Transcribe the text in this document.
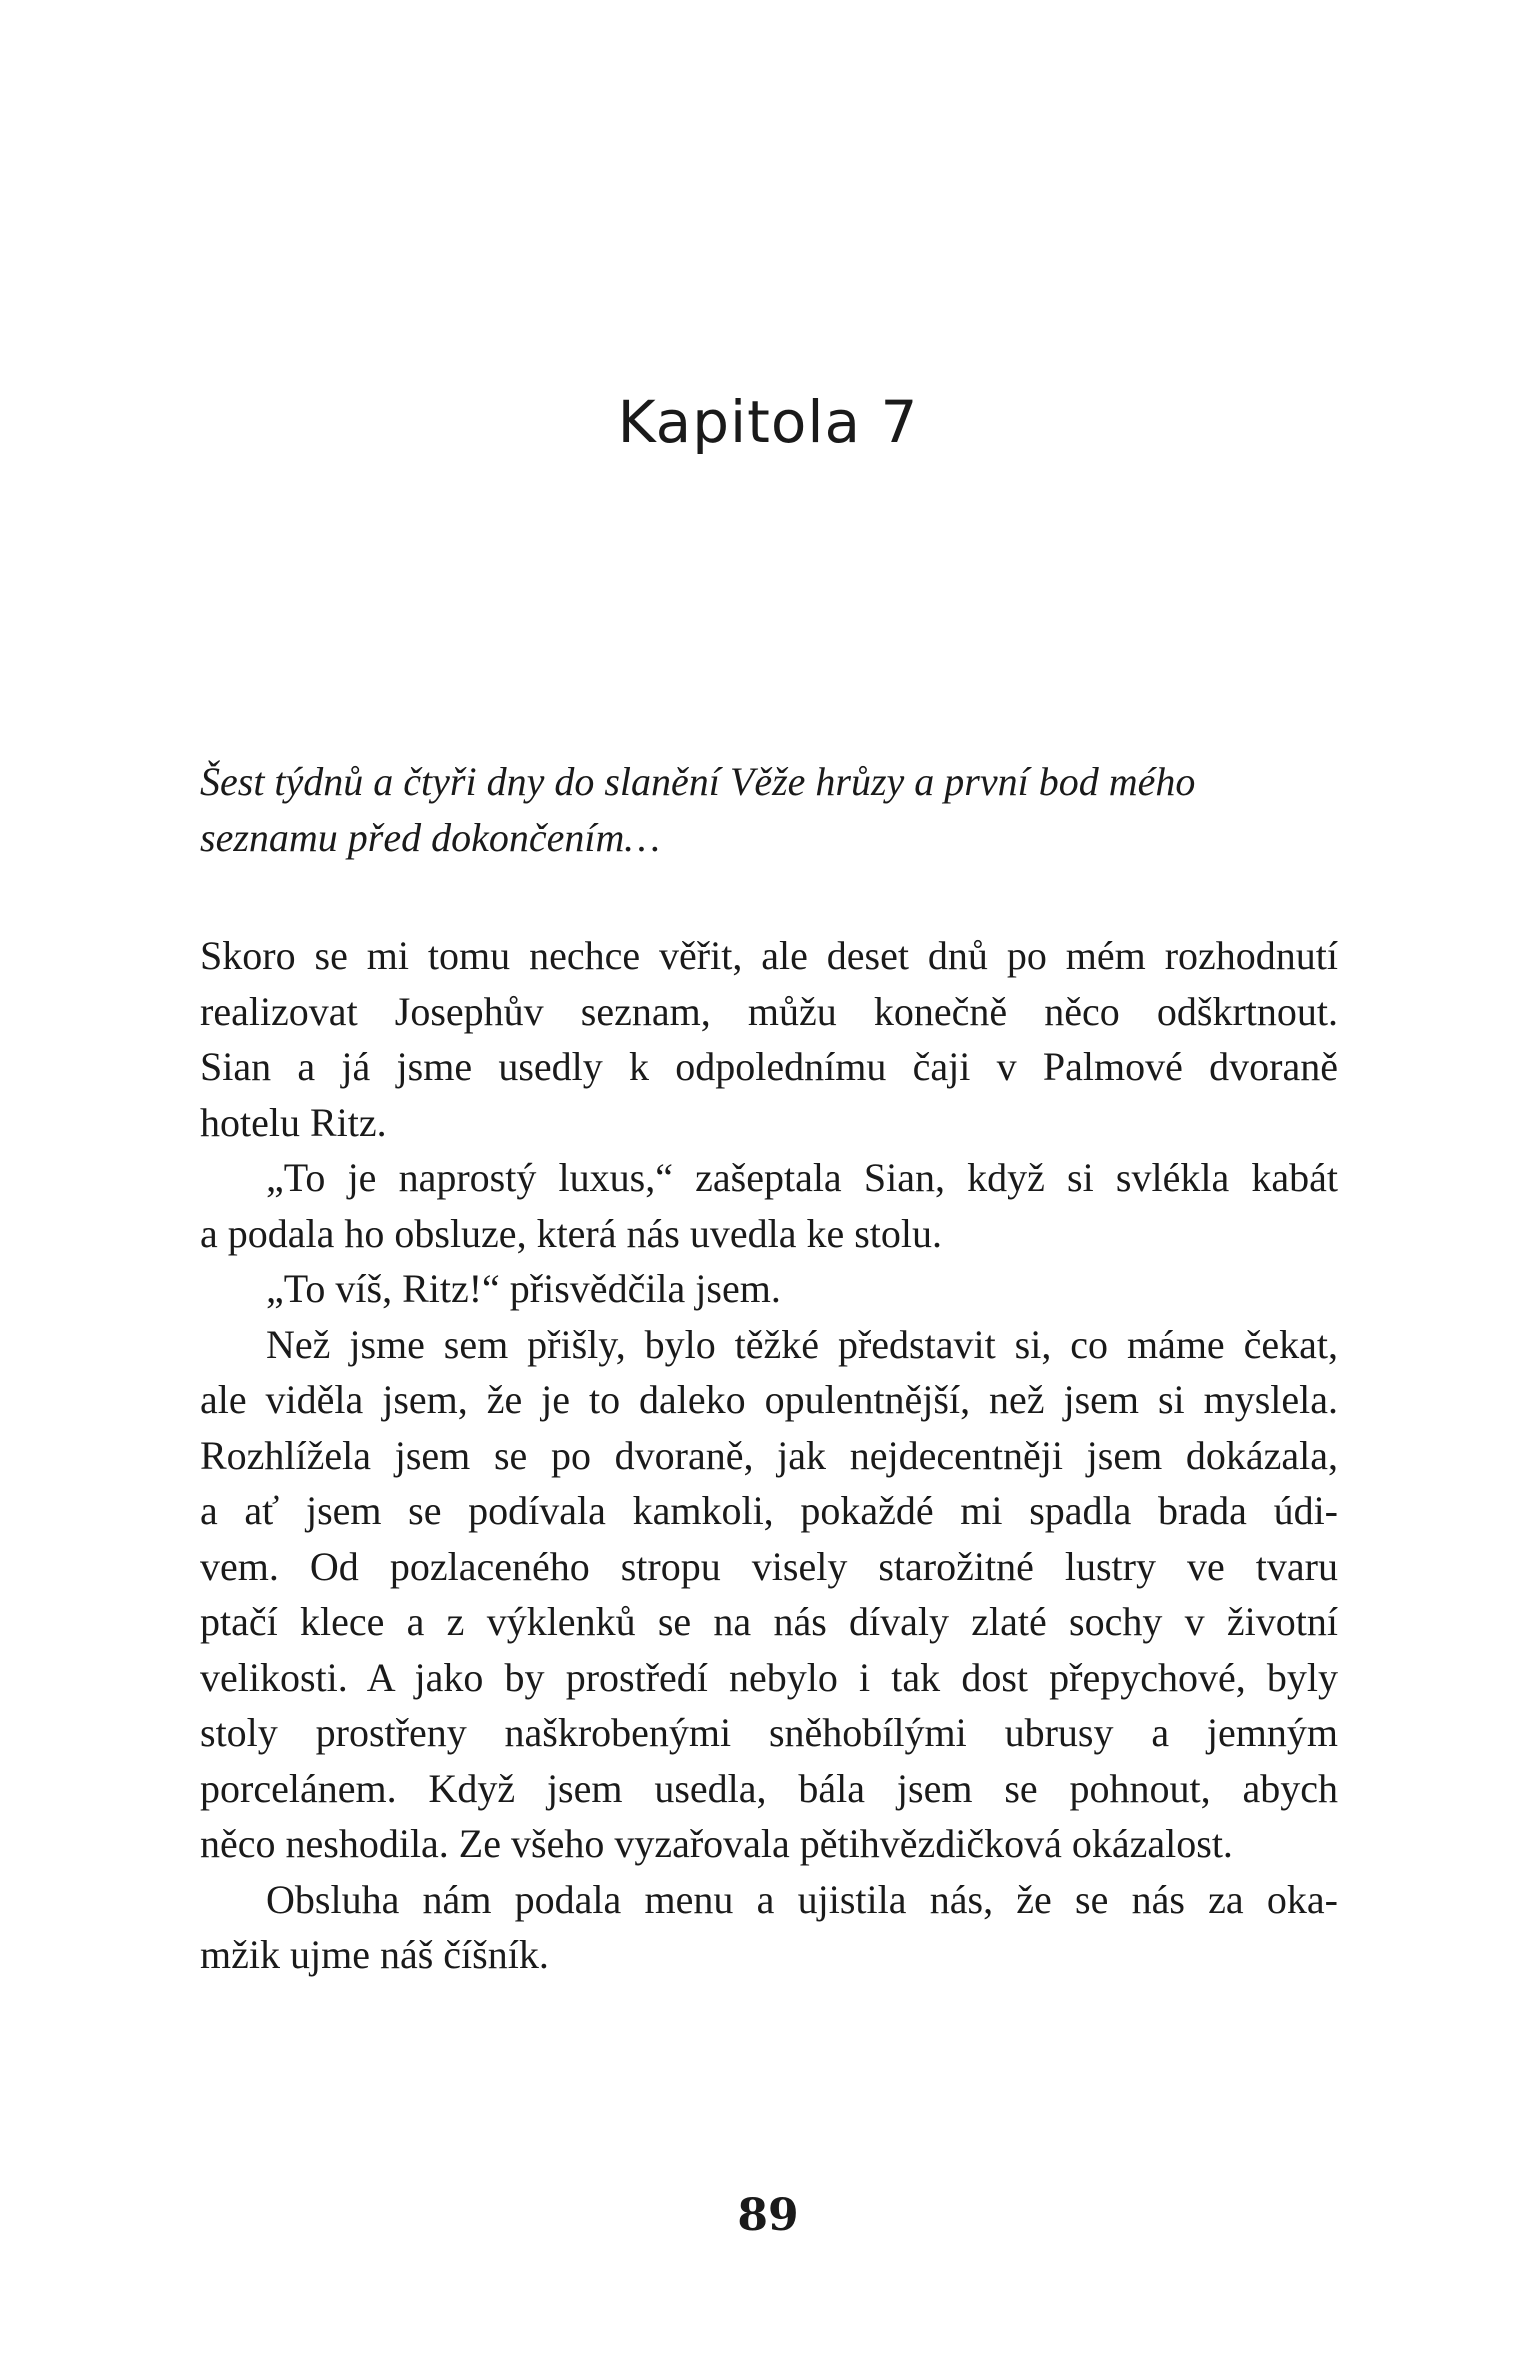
Kapitola 7

Šest týdnů a čtyři dny do slanění Věže hrůzy a první bod mého
seznamu před dokončením…

Skoro se mi tomu nechce věřit, ale deset dnů po mém rozhodnutí
realizovat Josephův seznam, můžu konečně něco odškrtnout.
Sian a já jsme usedly k odpolednímu čaji v Palmové dvoraně
hotelu Ritz.
„To je naprostý luxus,“ zašeptala Sian, když si svlékla kabát
a podala ho obsluze, která nás uvedla ke stolu.
„To víš, Ritz!“ přisvědčila jsem.
Než jsme sem přišly, bylo těžké představit si, co máme čekat,
ale viděla jsem, že je to daleko opulentnější, než jsem si myslela.
Rozhlížela jsem se po dvoraně, jak nejdecentněji jsem dokázala,
a ať jsem se podívala kamkoli, pokaždé mi spadla brada údi-
vem. Od pozlaceného stropu visely starožitné lustry ve tvaru
ptačí klece a z výklenků se na nás dívaly zlaté sochy v životní
velikosti. A jako by prostředí nebylo i tak dost přepychové, byly
stoly prostřeny naškrobenými sněhobílými ubrusy a jemným
porcelánem. Když jsem usedla, bála jsem se pohnout, abych
něco neshodila. Ze všeho vyzařovala pětihvězdičková okázalost.
Obsluha nám podala menu a ujistila nás, že se nás za oka-
mžik ujme náš číšník.
89
